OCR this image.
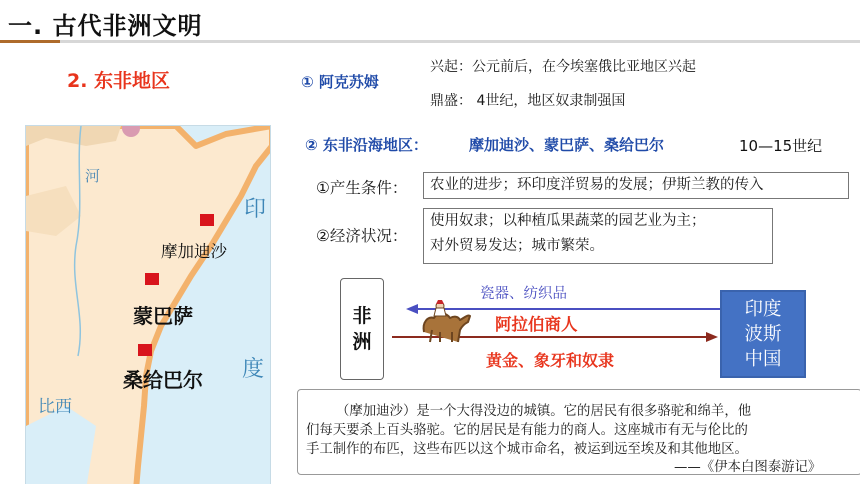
一. 古代非洲文明
2. 东非地区
河
印
度
比西
摩加迪沙
蒙巴萨
桑给巴尔
① 阿克苏姆
兴起：公元前后，在今埃塞俄比亚地区兴起
鼎盛： 4世纪，地区奴隶制强国
② 东非沿海地区：	摩加迪沙、蒙巴萨、桑给巴尔	10—15世纪
①产生条件：	农业的进步；环印度洋贸易的发展；伊斯兰教的传入
②经济状况：
使用奴隶；以种植瓜果蔬菜的园艺业为主；
对外贸易发达；城市繁荣。
非
洲
瓷器、纺织品
阿拉伯商人
黄金、象牙和奴隶
印度
波斯
中国
（摩加迪沙）是一个大得没边的城镇。它的居民有很多骆驼和绵羊，他
们每天要杀上百头骆驼。它的居民是有能力的商人。这座城市有无与伦比的
手工制作的布匹，这些布匹以这个城市命名，被运到远至埃及和其他地区。
——《伊本白图泰游记》
